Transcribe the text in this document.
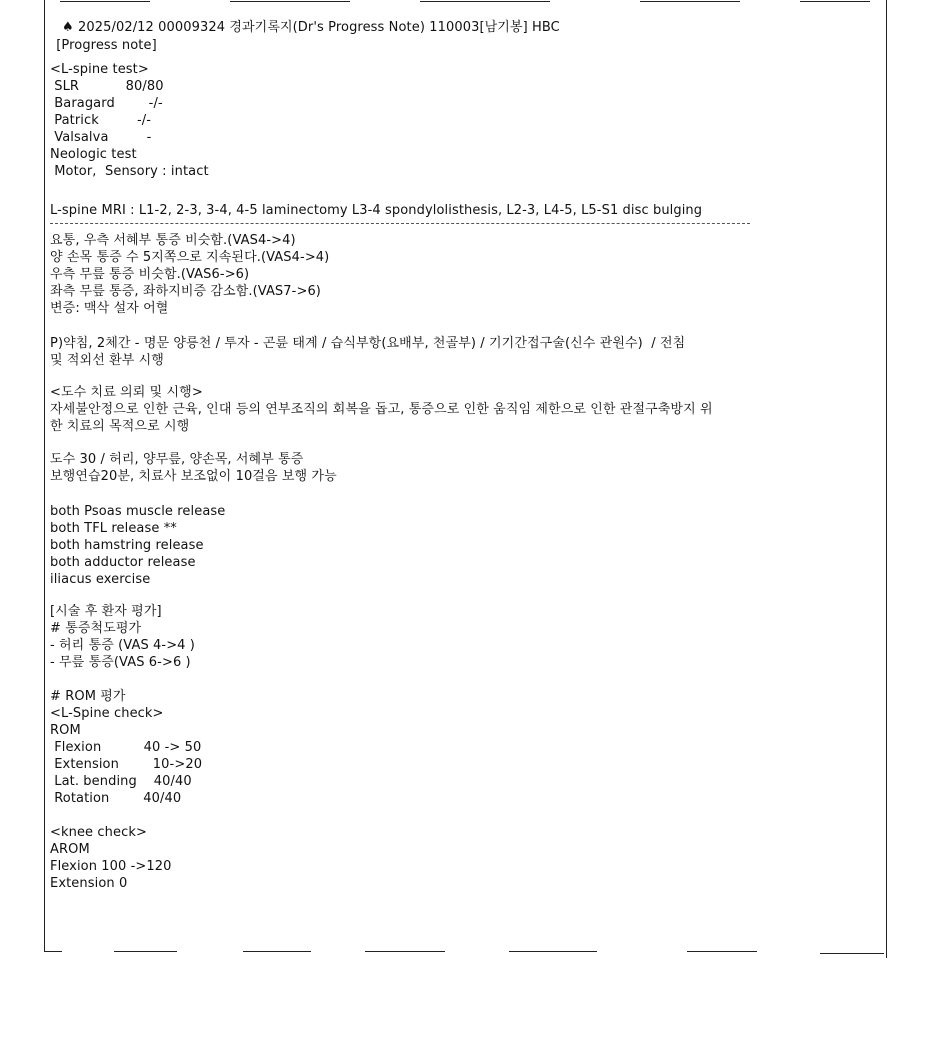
♠ 2025/02/12 00009324 경과기록지(Dr's Progress Note) 110003[남기봉] HBC
[Progress note]
<L-spine test>
SLR           80/80
Baragard        -/-
Patrick         -/-
Valsalva         -
Neologic test
Motor,  Sensory : intact
L-spine MRI : L1-2, 2-3, 3-4, 4-5 laminectomy L3-4 spondylolisthesis, L2-3, L4-5, L5-S1 disc bulging
요통, 우측 서혜부 통증 비슷함.(VAS4->4)
양 손목 통증 수 5지쪽으로 지속된다.(VAS4->4)
우측 무릎 통증 비슷함.(VAS6->6)
좌측 무릎 통증, 좌하지비증 감소함.(VAS7->6)
변증: 맥삭 설자 어혈
P)약침, 2체간 - 명문 양릉천 / 투자 - 곤륜 태계 / 습식부항(요배부, 천골부) / 기기간접구술(신수 관원수)  / 전침
및 적외선 환부 시행
<도수 치료 의뢰 및 시행>
자세불안정으로 인한 근육, 인대 등의 연부조직의 회복을 돕고, 통증으로 인한 움직임 제한으로 인한 관절구축방지 위
한 치료의 목적으로 시행
도수 30 / 허리, 양무릎, 양손목, 서혜부 통증
보행연습20분, 치료사 보조없이 10걸음 보행 가능
both Psoas muscle release
both TFL release **
both hamstring release
both adductor release
iliacus exercise
[시술 후 환자 평가]
# 통증척도평가
- 허리 통증 (VAS 4->4 )
- 무릎 통증(VAS 6->6 )
# ROM 평가
<L-Spine check>
ROM
Flexion          40 -> 50
Extension        10->20
Lat. bending    40/40
Rotation        40/40
<knee check>
AROM
Flexion 100 ->120
Extension 0
